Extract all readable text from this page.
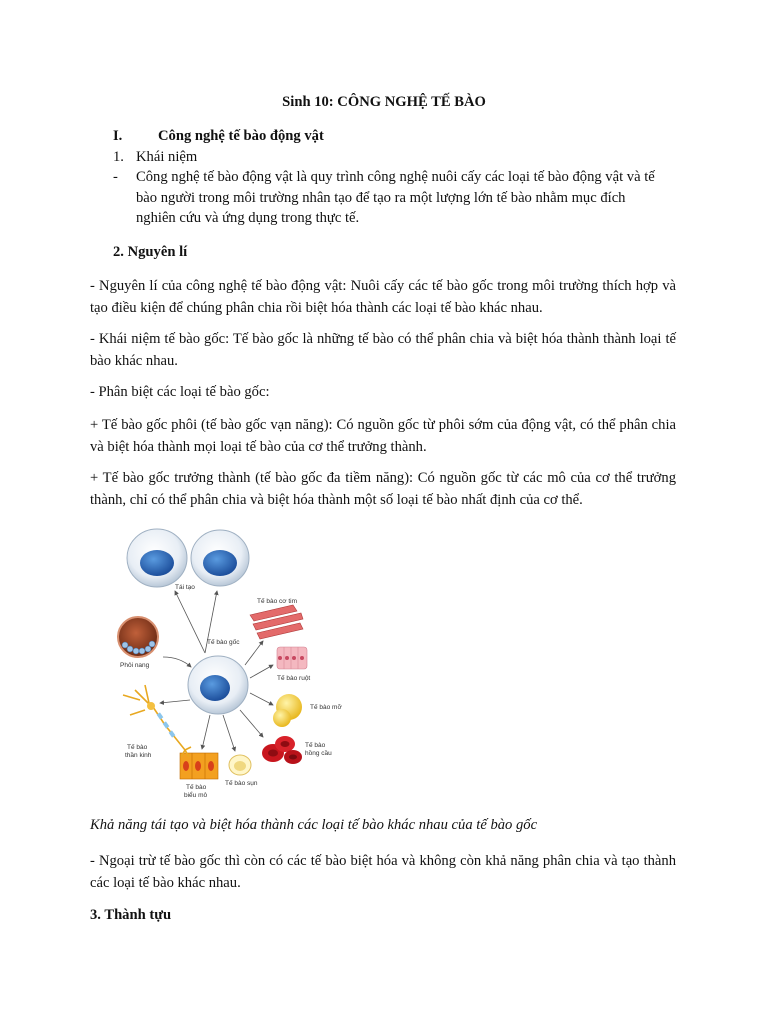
Sinh 10: CÔNG NGHỆ TẾ BÀO
I. Công nghệ tế bào động vật
1. Khái niệm
- Công nghệ tế bào động vật là quy trình công nghệ nuôi cấy các loại tế bào động vật và tế
bào người trong môi trường nhân tạo để tạo ra một lượng lớn tế bào nhằm mục đích
nghiên cứu và ứng dụng trong thực tế.
2. Nguyên lí
- Nguyên lí của công nghệ tế bào động vật: Nuôi cấy các tế bào gốc trong môi trường thích hợp và tạo điều kiện để chúng phân chia rồi biệt hóa thành các loại tế bào khác nhau.
- Khái niệm tế bào gốc: Tế bào gốc là những tế bào có thể phân chia và biệt hóa thành thành loại tế bào khác nhau.
- Phân biệt các loại tế bào gốc:
+ Tế bào gốc phôi (tế bào gốc vạn năng): Có nguồn gốc từ phôi sớm của động vật, có thể phân chia và biệt hóa thành mọi loại tế bào của cơ thể trưởng thành.
+ Tế bào gốc trưởng thành (tế bào gốc đa tiềm năng): Có nguồn gốc từ các mô của cơ thể trưởng thành, chỉ có thể phân chia và biệt hóa thành một số loại tế bào nhất định của cơ thể.
Tái tạo
Phôi nang
Tế bào gốc
Tế bào cơ tim
Tế bào ruột
Tế bào mỡ
Tế bào hồng cầu
Tế bào sụn
Tế bào biểu mô
Tế bào thần kinh
Khả năng tái tạo và biệt hóa thành các loại tế bào khác nhau của tế bào gốc
- Ngoại trừ tế bào gốc thì còn có các tế bào biệt hóa và không còn khả năng phân chia và tạo thành các loại tế bào khác nhau.
3. Thành tựu
